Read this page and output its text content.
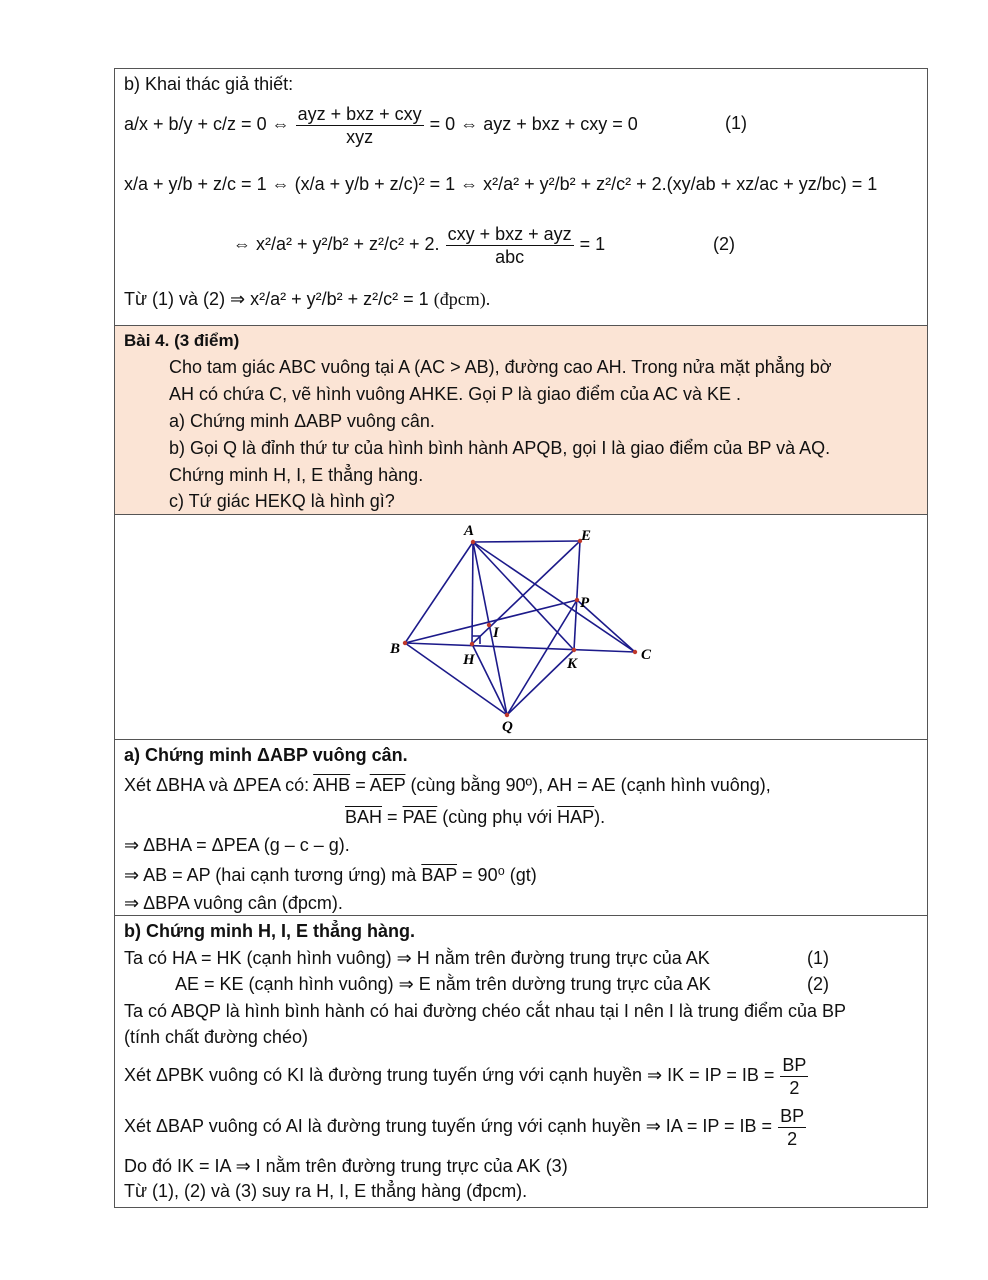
b) Khai thác giả thiết:
a/x + b/y + c/z = 0 ⇔ $\frac{\text{ayz + bxz + cxy}}{\text{xyz}} = 0$ ⇔ ayz + bxz + cxy = 0	(1)
x/a + y/b + z/c = 1 ⇔ (x/a + y/b + z/c)² = 1 ⇔ x²/a² + y²/b² + z²/c² + 2.(xy/ab + xz/ac + yz/bc) = 1
⇔ x²/a² + y²/b² + z²/c² + 2. $\frac{\text{cxy + bxz + ayz}}{\text{abc}} = 1$	(2)
Từ (1) và (2) ⇒ x²/a² + y²/b² + z²/c² = 1 (đpcm).
Bài 4. (3 điểm)
Cho tam giác ABC vuông tại A (AC > AB), đường cao AH. Trong nửa mặt phẳng bờ
AH có chứa C, vẽ hình vuông AHKE. Gọi P là giao điểm của AC và KE .
a) Chứng minh ΔABP vuông cân.
b) Gọi Q là đỉnh thứ tư của hình bình hành APQB, gọi I là giao điểm của BP và AQ.
Chứng minh H, I, E thẳng hàng.
c) Tứ giác HEKQ là hình gì?
A	E
P
I
B
H	K
C
Q
a) Chứng minh ΔABP vuông cân.
Xét ΔBHA và ΔPEA có: $\overline{AHB} = \overline{AEP}$ (cùng bằng 90º), AH = AE (cạnh hình vuông),
$\overline{BAH} = \overline{PAE}$ (cùng phụ với $\overline{HAP}$).
⇒ ΔBHA = ΔPEA (g – c – g).
⇒ AB = AP (hai cạnh tương ứng) mà $\overline{BAP} = 90^0$ (gt)
⇒ ΔBPA vuông cân (đpcm).
b) Chứng minh H, I, E thẳng hàng.
Ta có HA = HK (cạnh hình vuông) ⇒ H nằm trên đường trung trực của AK	(1)
AE = KE (cạnh hình vuông) ⇒ E nằm trên dường trung trực của AK	(2)
Ta có ABQP là hình bình hành có hai đường chéo cắt nhau tại I nên I là trung điểm của BP
(tính chất đường chéo)
Xét ΔPBK vuông có KI là đường trung tuyến ứng với cạnh huyền ⇒ IK = IP = IB = $\frac{BP}{2}$
Xét ΔBAP vuông có AI là đường trung tuyến ứng với cạnh huyền ⇒ IA = IP = IB = $\frac{BP}{2}$
Do đó IK = IA ⇒ I nằm trên đường trung trực của AK (3)
Từ (1), (2) và (3) suy ra H, I, E thẳng hàng (đpcm).
